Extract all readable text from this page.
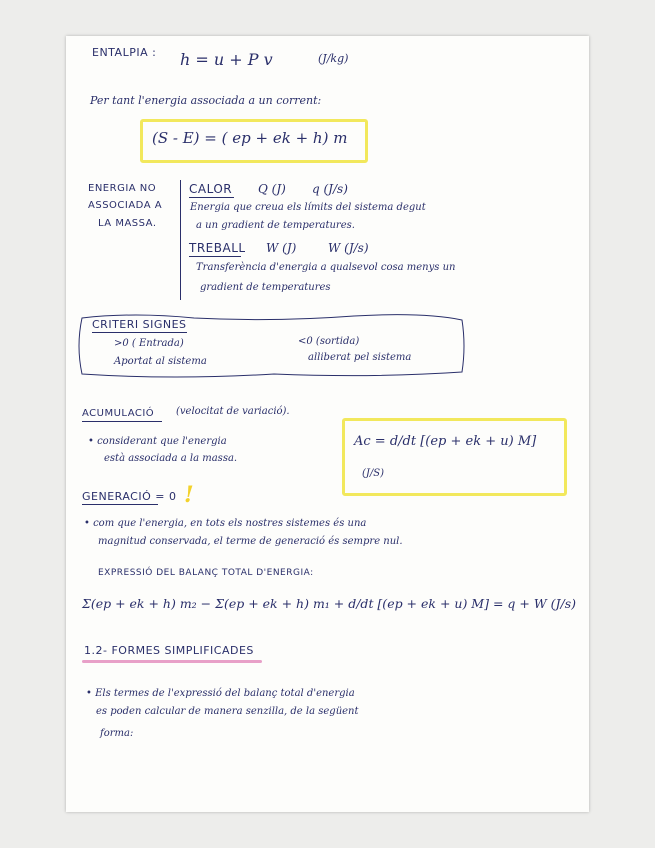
ENTALPIA : h = u + P v	(J/kg)
Per tant l'energia associada a un corrent:
(S - E) = ( ep + ek + h) m
ENERGIA NO
ASSOCIADA A
LA MASSA.
CALOR Q (J) q (J/s)
Energia que creua els límits del sistema degut
a un gradient de temperatures.
TREBALL W (J)	W (J/s)
Transferència d'energia a qualsevol cosa menys un
gradient de temperatures
CRITERI SIGNES
>0 ( Entrada)
Aportat al sistema
<0 (sortida)
alliberat pel sistema
ACUMULACIÓ (velocitat de variació).
• considerant que l'energia
està associada a la massa.
Ac = d/dt [(ep + ek + u) M]
(J/S)
GENERACIÓ = 0 !
• com que l'energia, en tots els nostres sistemes és una
magnitud conservada, el terme de generació és sempre nul.
EXPRESSIÓ DEL BALANÇ TOTAL D'ENERGIA:
Σ(ep + ek + h) m₂ − Σ(ep + ek + h) m₁ + d/dt [(ep + ek + u) M] = q + W (J/s)
1.2- FORMES SIMPLIFICADES
• Els termes de l'expressió del balanç total d'energia
es poden calcular de manera senzilla, de la següent
forma:
